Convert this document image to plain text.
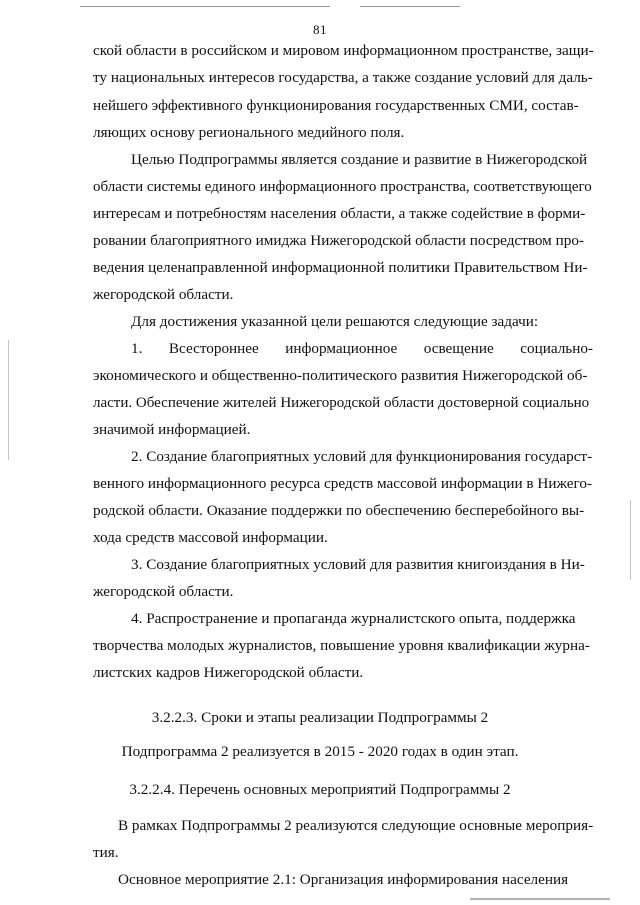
81
ской области в российском и мировом информационном пространстве, защи-
ту национальных интересов государства, а также создание условий для даль-
нейшего эффективного функционирования государственных СМИ, состав-
ляющих основу регионального медийного поля.
Целью Подпрограммы является создание и развитие в Нижегородской
области системы единого информационного пространства, соответствующего
интересам и потребностям населения области, а также содействие в форми-
ровании благоприятного имиджа Нижегородской области посредством про-
ведения целенаправленной информационной политики Правительством Ни-
жегородской области.
Для достижения указанной цели решаются следующие задачи:
1. Всестороннее информационное освещение социально-
экономического и общественно-политического развития Нижегородской об-
ласти. Обеспечение жителей Нижегородской области достоверной социально
значимой информацией.
2. Создание благоприятных условий для функционирования государст-
венного информационного ресурса средств массовой информации в Нижего-
родской области. Оказание поддержки по обеспечению бесперебойного вы-
хода средств массовой информации.
3. Создание благоприятных условий для развития книгоиздания в Ни-
жегородской области.
4. Распространение и пропаганда журналистского опыта, поддержка
творчества молодых журналистов, повышение уровня квалификации журна-
листских кадров Нижегородской области.
3.2.2.3. Сроки и этапы реализации Подпрограммы 2
Подпрограмма 2 реализуется в 2015 - 2020 годах в один этап.
3.2.2.4. Перечень основных мероприятий Подпрограммы 2
В рамках Подпрограммы 2 реализуются следующие основные мероприя-
тия.
Основное мероприятие 2.1: Организация информирования населения
